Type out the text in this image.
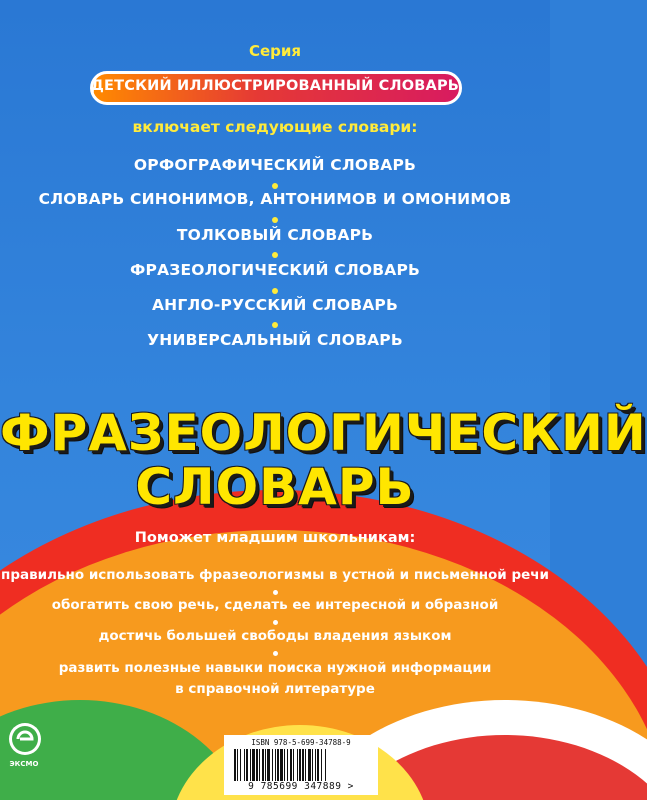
Серия
ДЕТСКИЙ ИЛЛЮСТРИРОВАННЫЙ СЛОВАРЬ
включает следующие словари:
ОРФОГРАФИЧЕСКИЙ СЛОВАРЬ
СЛОВАРЬ СИНОНИМОВ, АНТОНИМОВ И ОМОНИМОВ
ТОЛКОВЫЙ СЛОВАРЬ
ФРАЗЕОЛОГИЧЕСКИЙ СЛОВАРЬ
АНГЛО-РУССКИЙ СЛОВАРЬ
УНИВЕРСАЛЬНЫЙ СЛОВАРЬ
ФРАЗЕОЛОГИЧЕСКИЙ
СЛОВАРЬ
Поможет младшим школьникам:
правильно использовать фразеологизмы в устной и письменной речи
обогатить свою речь, сделать ее интересной и образной
достичь большей свободы владения языком
развить полезные навыки поиска нужной информации
в справочной литературе
ЭКСМО
ISBN 978-5-699-34788-9
9 785699 347889 >
